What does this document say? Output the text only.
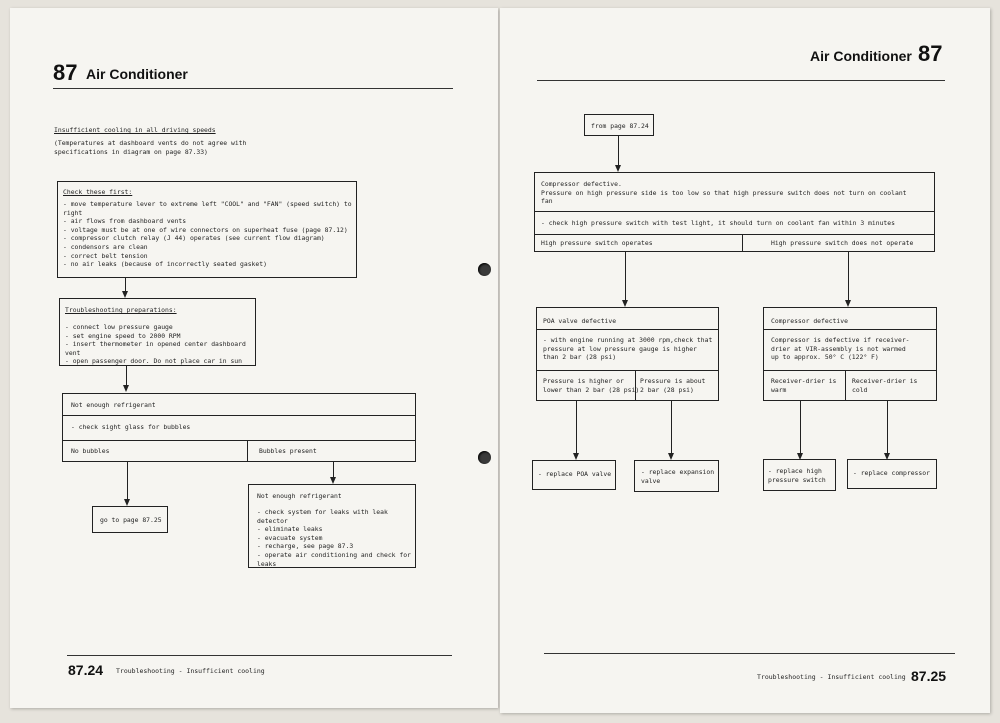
87 Air Conditioner
Insufficient cooling in all driving speeds
(Temperatures at dashboard vents do not agree with
specifications in diagram on page 87.33)
Check these first:
- move temperature lever to extreme left "COOL" and "FAN" (speed switch) to right
- air flows from dashboard vents
- voltage must be at one of wire connectors on superheat fuse (page 87.12)
- compressor clutch relay (J 44) operates (see current flow diagram)
- condensors are clean
- correct belt tension
- no air leaks (because of incorrectly seated gasket)
Troubleshooting preparations:
- connect low pressure gauge
- set engine speed to 2000 RPM
- insert thermometer in opened center dashboard vent
- open passenger door. Do not place car in sun
Not enough refrigerant
- check sight glass for bubbles
No bubbles	Bubbles present
go to page 87.25
Not enough refrigerant
- check system for leaks with leak detector
- eliminate leaks
- evacuate system
- recharge, see page 87.3
- operate air conditioning and check for
leaks
87.24 Troubleshooting - Insufficient cooling
Air Conditioner 87
from page 87.24
Compressor defective.
Pressure on high pressure side is too low so that high pressure switch does not turn on coolant
fan
- check high pressure switch with test light, it should turn on coolant fan within 3 minutes
High pressure switch operates	High pressure switch does not operate
POA valve defective
- with engine running at 3000 rpm,check that
pressure at low pressure gauge is higher
than 2 bar (28 psi)
Pressure is higher or
lower than 2 bar (28 psi)
Pressure is about
2 bar (28 psi)
Compressor defective
Compressor is defective if receiver-
drier at VIR-assembly is not warmed
up to approx. 50° C (122° F)
Receiver-drier is
warm
Receiver-drier is
cold
- replace POA valve	- replace expansion
valve
- replace high
pressure switch
- replace compressor
Troubleshooting - Insufficient cooling 87.25
